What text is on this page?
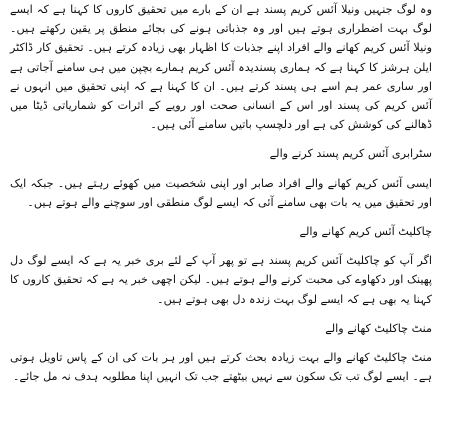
وہ لوگ جنہیں ونیلا آئس کریم پسند ہے ان کے بارے میں تحقیق کاروں کا کہنا ہے کہ ایسے لوگ بہت اضطراری ہوتے ہیں اور وہ جذباتی ہونے کی بجائے منطق پر یقین رکھتے ہیں۔ ونیلا آئس کریم کھانے والے افراد اپنے جذبات کا اظہار بھی زیادہ کرتے ہیں۔ تحقیق کار ڈاکٹر ایلن ہرشز کا کہنا ہے کہ ہماری پسندیدہ آئس کریم ہمارے بچپن میں ہی سامنے آجاتی ہے اور ساری عمر ہم اسے ہی پسند کرتے ہیں۔ ان کا کہنا ہے کہ اپنی تحقیق میں انہوں نے آئس کریم کی پسند اور اس کے انسانی صحت اور رویے کے اثرات کو شماریاتی ڈیٹا میں ڈھالنے کی کوشش کی ہے اور دلچسپ باتیں سامنے آئی ہیں۔

سٹرابری آئس کریم پسند کرنے والے

ایسی آئس کریم کھانے والے افراد صابر اور اپنی شخصیت میں کھوئے رہتے ہیں۔ جبکہ ایک اور تحقیق میں یہ بات بھی سامنے آئی کہ ایسے لوگ منطقی اور سوچنے والے ہوتے ہیں۔

چاکلیٹ آئس کریم کھانے والے

اگر آپ کو چاکلیٹ آئس کریم پسند ہے تو پھر آپ کے لئے بری خبر یہ ہے کہ ایسے لوگ دل پھینک اور دکھاوے کی محبت کرنے والے ہوتے ہیں۔ لیکن اچھی خبر یہ ہے کہ تحقیق کاروں کا کہنا یہ بھی ہے کہ ایسے لوگ بہت زندہ دل بھی ہوتے ہیں۔

منٹ چاکلیٹ کھانے والے

منٹ چاکلیٹ کھانے والے بہت زیادہ بحث کرتے ہیں اور ہر بات کی ان کے پاس تاویل ہوتی ہے۔ ایسے لوگ تب تک سکون سے نہیں بیٹھتے جب تک انہیں اپنا مطلوبہ ہدف نہ مل جائے۔
